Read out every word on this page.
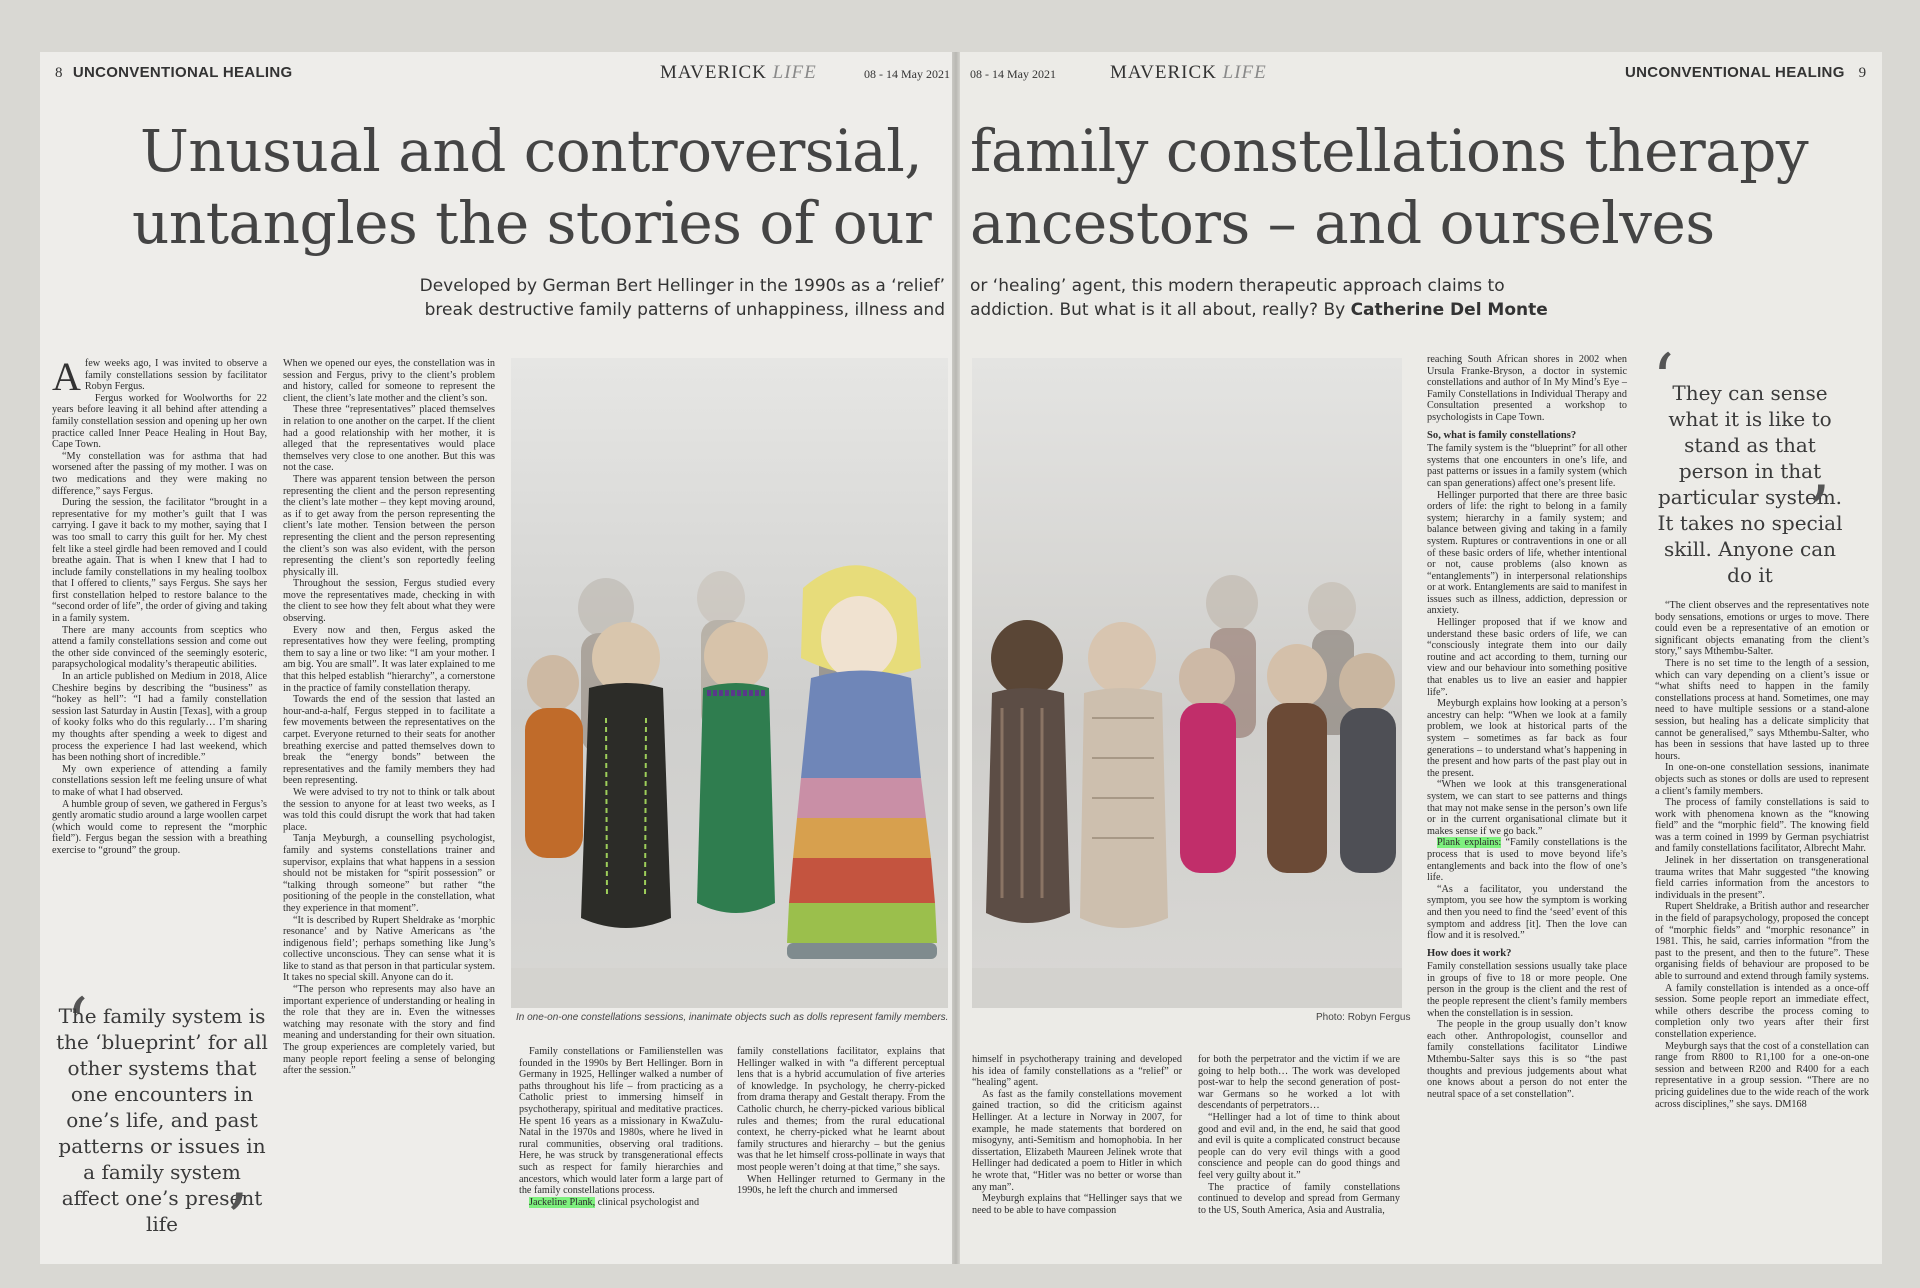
8 UNCONVENTIONAL HEALING	MAVERICK LIFE	08 - 14 May 2021 08 - 14 May 2021	MAVERICK LIFE	UNCONVENTIONAL HEALING 9
Unusual and controversial, family constellations therapy
untangles the stories of our ancestors – and ourselves
Developed by German Bert Hellinger in the 1990s as a ‘relief’
break destructive family patterns of unhappiness, illness and
or ‘healing’ agent, this modern therapeutic approach claims to
addiction. But what is it all about, really? By Catherine Del Monte
In one-on-one constellations sessions, inanimate objects such as dolls represent family members.	Photo: Robyn Fergus
‘
The family system is the ‘blueprint’ for all other systems that one encounters in one’s life, and past patterns or issues in a family system affect one’s present life ’
‘
They can sense what it is like to stand as that person in that particular system. It takes no special skill. Anyone can do it
’
A few weeks ago, I was invited to observe a family constellations session by facilitator Robyn Fergus.

Fergus worked for Woolworths for 22 years before leaving it all behind after attending a family constellation session and opening up her own practice called Inner Peace Healing in Hout Bay, Cape Town.

“My constellation was for asthma that had worsened after the passing of my mother. I was on two medications and they were making no difference,” says Fergus.

During the session, the facilitator “brought in a representative for my mother’s guilt that I was carrying. I gave it back to my mother, saying that I was too small to carry this guilt for her. My chest felt like a steel girdle had been removed and I could breathe again. That is when I knew that I had to include family constellations in my healing toolbox that I offered to clients,” says Fergus. She says her first constellation helped to restore balance to the “second order of life”, the order of giving and taking in a family system.

There are many accounts from sceptics who attend a family constellations session and come out the other side convinced of the seemingly esoteric, parapsychological modality’s therapeutic abilities.

In an article published on Medium in 2018, Alice Cheshire begins by describing the “business” as “hokey as hell”: “I had a family constellation session last Saturday in Austin [Texas], with a group of kooky folks who do this regularly… I’m sharing my thoughts after spending a week to digest and process the experience I had last weekend, which has been nothing short of incredible.”

My own experience of attending a family constellations session left me feeling unsure of what to make of what I had observed.

A humble group of seven, we gathered in Fergus’s gently aromatic studio around a large woollen carpet (which would come to represent the “morphic field”). Fergus began the session with a breathing exercise to “ground” the group.

When we opened our eyes, the constellation was in session and Fergus, privy to the client’s problem and history, called for someone to represent the client, the client’s late mother and the client’s son.

These three “representatives” placed themselves in relation to one another on the carpet. If the client had a good relationship with her mother, it is alleged that the representatives would place themselves very close to one another. But this was not the case.

There was apparent tension between the person representing the client and the person representing the client’s late mother – they kept moving around, as if to get away from the person representing the client’s late mother. Tension between the person representing the client and the person representing the client’s son was also evident, with the person representing the client’s son reportedly feeling physically ill.

Throughout the session, Fergus studied every move the representatives made, checking in with the client to see how they felt about what they were observing.

Every now and then, Fergus asked the representatives how they were feeling, prompting them to say a line or two like: “I am your mother. I am big. You are small”. It was later explained to me that this helped establish “hierarchy”, a cornerstone in the practice of family constellation therapy.

Towards the end of the session that lasted an hour-and-a-half, Fergus stepped in to facilitate a few movements between the representatives on the carpet. Everyone returned to their seats for another breathing exercise and patted themselves down to break the “energy bonds” between the representatives and the family members they had been representing.

We were advised to try not to think or talk about the session to anyone for at least two weeks, as I was told this could disrupt the work that had taken place.

Tanja Meyburgh, a counselling psychologist, family and systems constellations trainer and supervisor, explains that what happens in a session should not be mistaken for “spirit possession” or “talking through someone” but rather “the positioning of the people in the constellation, what they experience in that moment”.

“It is described by Rupert Sheldrake as ‘morphic resonance’ and by Native Americans as ‘the indigenous field’; perhaps something like Jung’s collective unconscious. They can sense what it is like to stand as that person in that particular system. It takes no special skill. Anyone can do it.

“The person who represents may also have an important experience of understanding or healing in the role that they are in. Even the witnesses watching may resonate with the story and find meaning and understanding for their own situation. The group experiences are completely varied, but many people report feeling a sense of belonging after the session.”

Family constellations or Familienstellen was founded in the 1990s by Bert Hellinger. Born in Germany in 1925, Hellinger walked a number of paths throughout his life – from practicing as a Catholic priest to immersing himself in psychotherapy, spiritual and meditative practices. He spent 16 years as a missionary in KwaZulu-Natal in the 1970s and 1980s, where he lived in rural communities, observing oral traditions. Here, he was struck by transgenerational effects such as respect for family hierarchies and ancestors, which would later form a large part of the family constellations process.

Jackeline Plank, clinical psychologist and

family constellations facilitator, explains that Hellinger walked in with “a different perceptual lens that is a hybrid accumulation of five arteries of knowledge. In psychology, he cherry-picked from drama therapy and Gestalt therapy. From the Catholic church, he cherry-picked various biblical rules and themes; from the rural educational context, he cherry-picked what he learnt about family structures and hierarchy – but the genius was that he let himself cross-pollinate in ways that most people weren’t doing at that time,” she says.

When Hellinger returned to Germany in the 1990s, he left the church and immersed

himself in psychotherapy training and developed his idea of family constellations as a “relief” or “healing” agent.

As fast as the family constellations movement gained traction, so did the criticism against Hellinger. At a lecture in Norway in 2007, for example, he made statements that bordered on misogyny, anti-Semitism and homophobia. In her dissertation, Elizabeth Maureen Jelinek wrote that Hellinger had dedicated a poem to Hitler in which he wrote that, “Hitler was no better or worse than any man”.

Meyburgh explains that “Hellinger says that we need to be able to have compassion

for both the perpetrator and the victim if we are going to help both… The work was developed post-war to help the second generation of post-war Germans so he worked a lot with descendants of perpetrators…

“Hellinger had a lot of time to think about good and evil and, in the end, he said that good and evil is quite a complicated construct because people can do very evil things with a good conscience and people can do good things and feel very guilty about it.”

The practice of family constellations continued to develop and spread from Germany to the US, South America, Asia and Australia,

reaching South African shores in 2002 when Ursula Franke-Bryson, a doctor in systemic constellations and author of In My Mind’s Eye – Family Constellations in Individual Therapy and Consultation presented a workshop to psychologists in Cape Town.

So, what is family constellations?

The family system is the “blueprint” for all other systems that one encounters in one’s life, and past patterns or issues in a family system (which can span generations) affect one’s present life.

Hellinger purported that there are three basic orders of life: the right to belong in a family system; hierarchy in a family system; and balance between giving and taking in a family system. Ruptures or contraventions in one or all of these basic orders of life, whether intentional or not, cause problems (also known as “entanglements”) in interpersonal relationships or at work. Entanglements are said to manifest in issues such as illness, addiction, depression or anxiety.

Hellinger proposed that if we know and understand these basic orders of life, we can “consciously integrate them into our daily routine and act according to them, turning our view and our behaviour into something positive that enables us to live an easier and happier life”.

Meyburgh explains how looking at a person’s ancestry can help: “When we look at a family problem, we look at historical parts of the system – sometimes as far back as four generations – to understand what’s happening in the present and how parts of the past play out in the present.

“When we look at this transgenerational system, we can start to see patterns and things that may not make sense in the person’s own life or in the current organisational climate but it makes sense if we go back.”

Plank explains: “Family constellations is the process that is used to move beyond life’s entanglements and back into the flow of one’s life.

“As a facilitator, you understand the symptom, you see how the symptom is working and then you need to find the ‘seed’ event of this symptom and address [it]. Then the love can flow and it is resolved.”

How does it work?

Family constellation sessions usually take place in groups of five to 18 or more people. One person in the group is the client and the rest of the people represent the client’s family members when the constellation is in session.

The people in the group usually don’t know each other. Anthropologist, counsellor and family constellations facilitator Lindiwe Mthembu-Salter says this is so “the past thoughts and previous judgements about what one knows about a person do not enter the neutral space of a set constellation”.

“The client observes and the representatives note body sensations, emotions or urges to move. There could even be a representative of an emotion or significant objects emanating from the client’s story,” says Mthembu-Salter.

There is no set time to the length of a session, which can vary depending on a client’s issue or “what shifts need to happen in the family constellations process at hand. Sometimes, one may need to have multiple sessions or a stand-alone session, but healing has a delicate simplicity that cannot be generalised,” says Mthembu-Salter, who has been in sessions that have lasted up to three hours.

In one-on-one constellation sessions, inanimate objects such as stones or dolls are used to represent a client’s family members.

The process of family constellations is said to work with phenomena known as the “knowing field” and the “morphic field”. The knowing field was a term coined in 1999 by German psychiatrist and family constellations facilitator, Albrecht Mahr.

Jelinek in her dissertation on transgenerational trauma writes that Mahr suggested “the knowing field carries information from the ancestors to individuals in the present”.

Rupert Sheldrake, a British author and researcher in the field of parapsychology, proposed the concept of “morphic fields” and “morphic resonance” in 1981. This, he said, carries information “from the past to the present, and then to the future”. These organising fields of behaviour are proposed to be able to surround and extend through family systems.

A family constellation is intended as a once-off session. Some people report an immediate effect, while others describe the process coming to completion only two years after their first constellation experience.

Meyburgh says that the cost of a constellation can range from R800 to R1,100 for a one-on-one session and between R200 and R400 for a each representative in a group session. “There are no pricing guidelines due to the wide reach of the work across disciplines,” she says. DM168
